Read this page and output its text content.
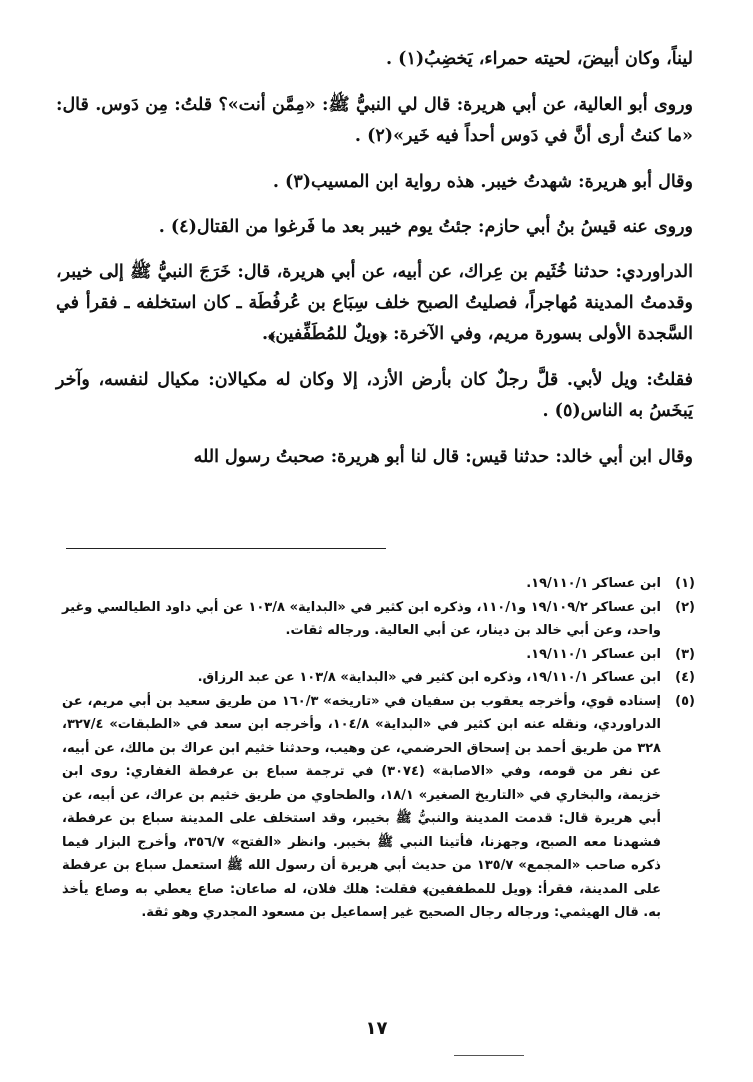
ليناً، وكان أبيضَ، لحيته حمراء، يَخضِبُ(١) .

وروى أبو العالية، عن أبي هريرة: قال لي النبيُّ ﷺ: «مِمَّن أنت»؟ قلتُ: مِن دَوس. قال: «ما كنتُ أرى أنَّ في دَوس أحداً فيه خَير»(٢) .

وقال أبو هريرة: شهدتُ خيبر. هذه رواية ابن المسيب(٣) .

وروى عنه قيسُ بنُ أبي حازم: جئتُ يوم خيبر بعد ما فَرغوا من القتال(٤) .

الدراوردي: حدثنا خُثَيم بن عِراك، عن أبيه، عن أبي هريرة، قال: خَرَجَ النبيُّ ﷺ إلى خيبر، وقدمتُ المدينة مُهاجراً، فصليتُ الصبح خلف سِبَاع بن عُرفُطَة ـ كان استخلفه ـ فقرأ في السَّجدة الأولى بسورة مريم، وفي الآخرة: ﴿ويلٌ للمُطَفِّفين﴾.

فقلتُ: ويل لأبي. قلَّ رجلٌ كان بأرض الأزد، إلا وكان له مكيالان: مكيال لنفسه، وآخر يَبخَسُ به الناس(٥) .

وقال ابن أبي خالد: حدثنا قيس: قال لنا أبو هريرة: صحبتُ رسول الله

(١)
ابن عساكر ١٩/١١٠/١.
(٢)
ابن عساكر ١٩/١٠٩/٢ و١١٠/١، وذكره ابن كثير في «البداية» ١٠٣/٨ عن أبي داود الطيالسي وغير واحد، وعن أبي خالد بن دينار، عن أبي العالية. ورجاله ثقات.
(٣)
ابن عساكر ١٩/١١٠/١.
(٤)
ابن عساكر ١٩/١١٠/١، وذكره ابن كثير في «البداية» ١٠٣/٨ عن عبد الرزاق.
(٥)
إسناده قوي، وأخرجه يعقوب بن سفيان في «تاريخه» ١٦٠/٣ من طريق سعيد بن أبي مريم، عن الدراوردي، ونقله عنه ابن كثير في «البداية» ١٠٤/٨، وأخرجه ابن سعد في «الطبقات» ٣٢٧/٤، ٣٢٨ من طريق أحمد بن إسحاق الحرضمي، عن وهيب، وحدثنا خثيم ابن عراك بن مالك، عن أبيه، عن نفر من قومه، وفي «الاصابة» (٣٠٧٤) في ترجمة سباع بن عرفطة الغفاري: روى ابن خزيمة، والبخاري في «التاريخ الصغير» ١٨/١، والطحاوي من طريق خثيم بن عراك، عن أبيه، عن أبي هريرة قال: قدمت المدينة والنبيُّ ﷺ بخيبر، وقد استخلف على المدينة سباع بن عرفطة، فشهدنا معه الصبح، وجهزنا، فأتينا النبي ﷺ بخيبر. وانظر «الفتح» ٣٥٦/٧، وأخرج البزار فيما ذكره صاحب «المجمع» ١٣٥/٧ من حديث أبي هريرة أن رسول الله ﷺ استعمل سباع بن عرفطة على المدينة، فقرأ: ﴿ويل للمطففين﴾ فقلت: هلك فلان، له صاعان: صاع يعطي به وصاع يأخذ به. قال الهيثمي: ورجاله رجال الصحيح غير إسماعيل بن مسعود المجدري وهو ثقة.
١٧
